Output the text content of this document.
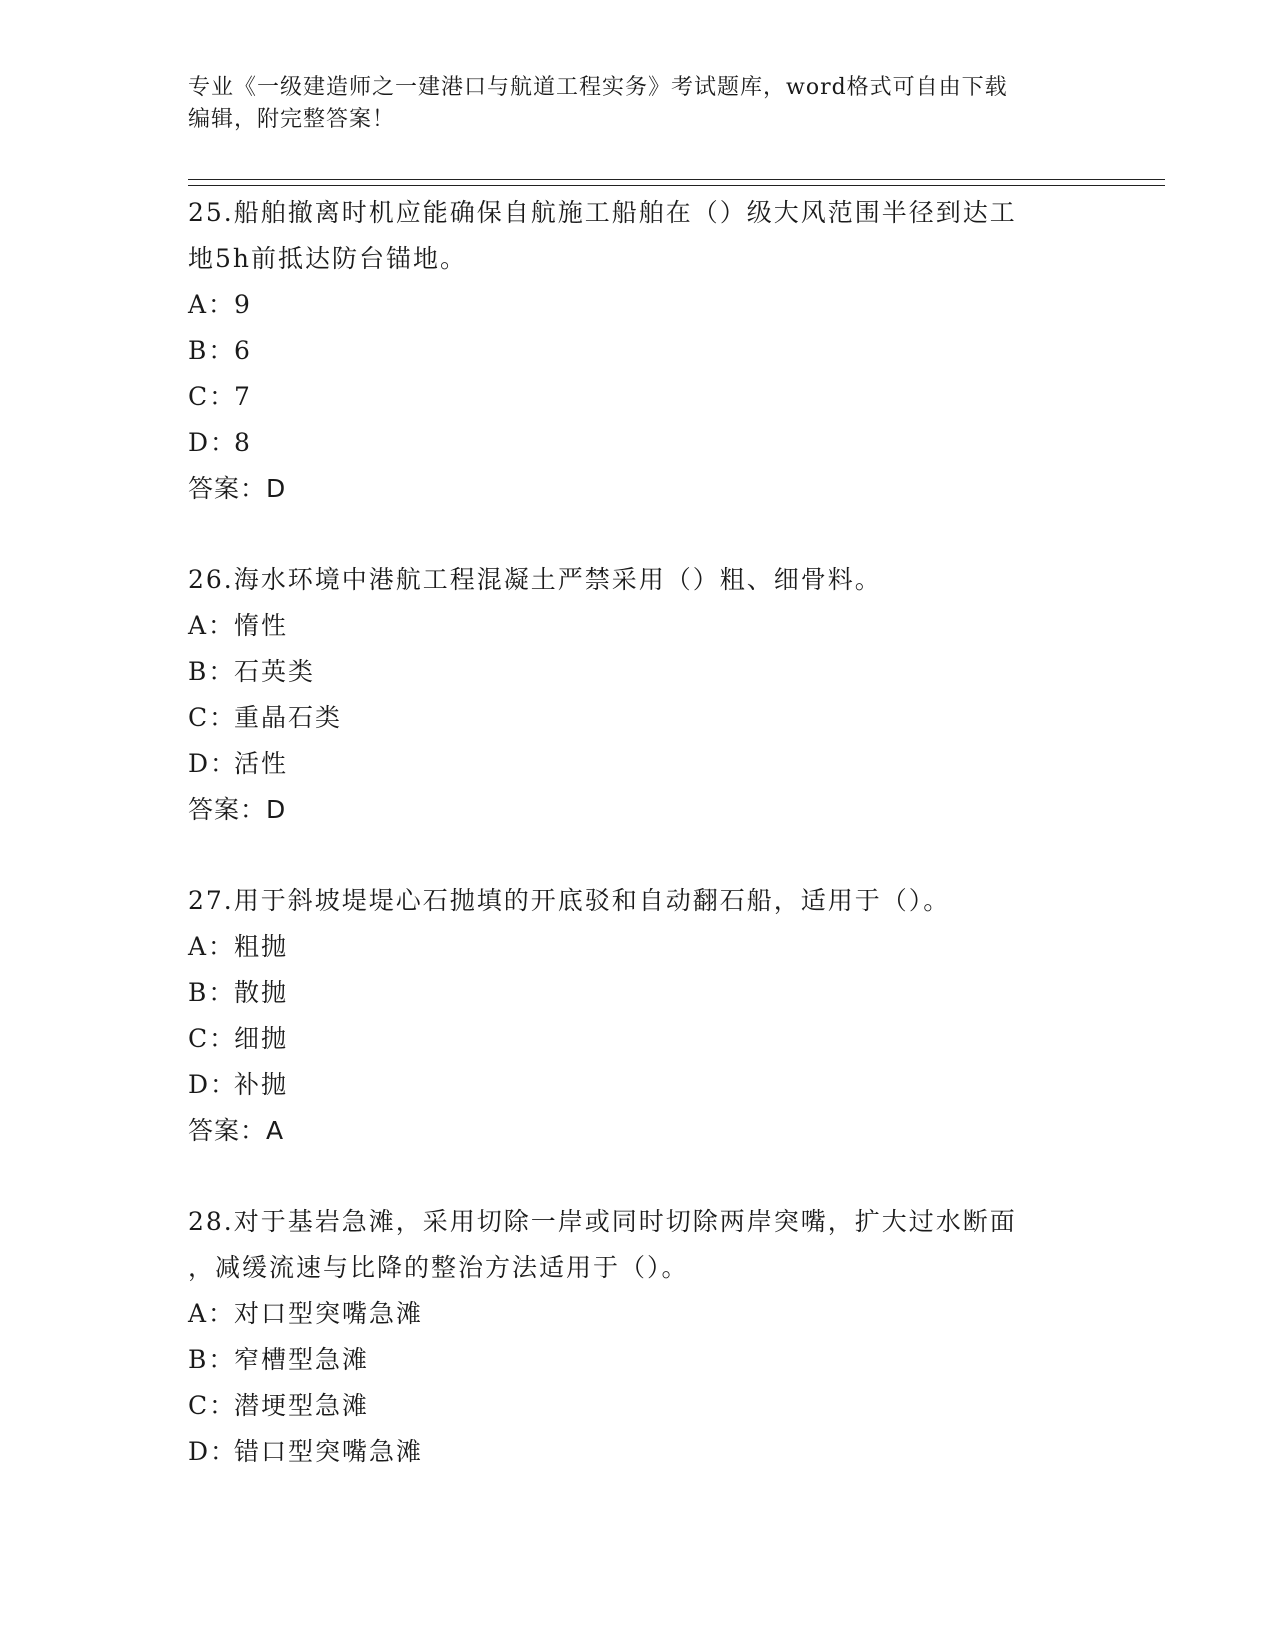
专业《一级建造师之一建港口与航道工程实务》考试题库，word格式可自由下载
编辑，附完整答案！
25.船舶撤离时机应能确保自航施工船舶在（）级大风范围半径到达工
地5h前抵达防台锚地。
A：9
B：6
C：7
D：8
答案：D
26.海水环境中港航工程混凝土严禁采用（）粗、细骨料。
A：惰性
B：石英类
C：重晶石类
D：活性
答案：D
27.用于斜坡堤堤心石抛填的开底驳和自动翻石船，适用于（）。
A：粗抛
B：散抛
C：细抛
D：补抛
答案：A
28.对于基岩急滩，采用切除一岸或同时切除两岸突嘴，扩大过水断面
，减缓流速与比降的整治方法适用于（）。
A：对口型突嘴急滩
B：窄槽型急滩
C：潜埂型急滩
D：错口型突嘴急滩
